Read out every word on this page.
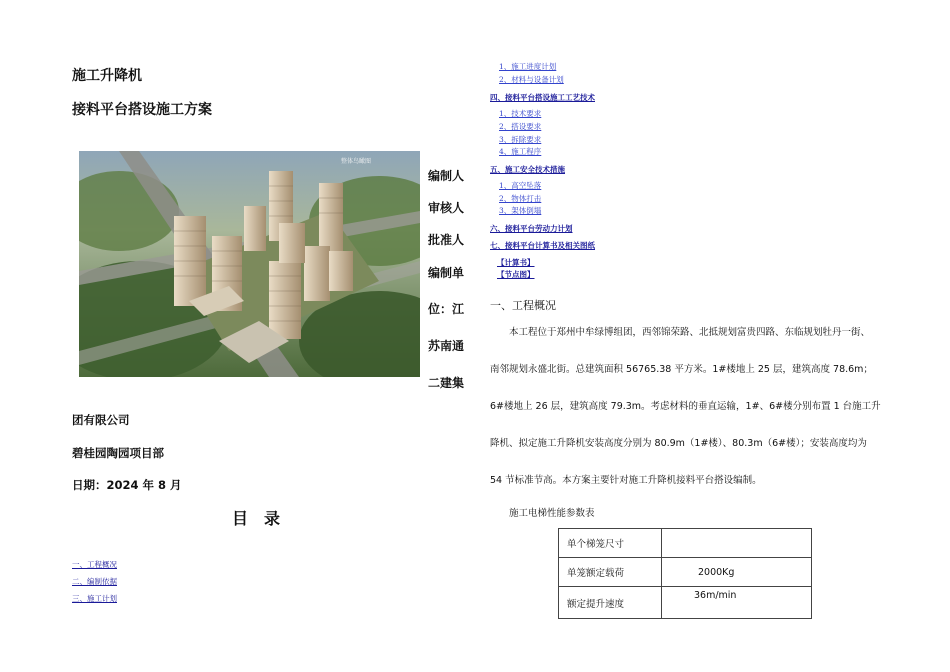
施工升降机
接料平台搭设施工方案
整体鸟瞰图
编制人
审核人
批准人
编制单
位：江
苏南通
二建集
团有限公司
碧桂园陶园项目部
日期：2024 年 8 月
目　录
一、工程概况
二、编制依据
三、施工计划
1、施工进度计划
2、材料与设备计划
四、接料平台搭设施工工艺技术
1、技术要求
2、搭设要求
3、拆除要求
4、施工程序
五、施工安全技术措施
1、高空坠落
2、物体打击
3、架体倒塌
六、接料平台劳动力计划
七、接料平台计算书及相关图纸
【计算书】
【节点图】
一、工程概况
本工程位于郑州中牟绿博组团，西邻锦荣路、北抵规划富贵四路、东临规划牡丹一街、
南邻规划永盛北街。总建筑面积 56765.38 平方米。1#楼地上 25 层，建筑高度 78.6m；
6#楼地上 26 层，建筑高度 79.3m。考虑材料的垂直运输，1#、6#楼分别布置 1 台施工升
降机、拟定施工升降机安装高度分别为 80.9m（1#楼）、80.3m（6#楼）；安装高度均为
54 节标准节高。本方案主要针对施工升降机接料平台搭设编制。
施工电梯性能参数表
单个梯笼尺寸	
单笼额定载荷	2000Kg
额定提升速度	36m/min
